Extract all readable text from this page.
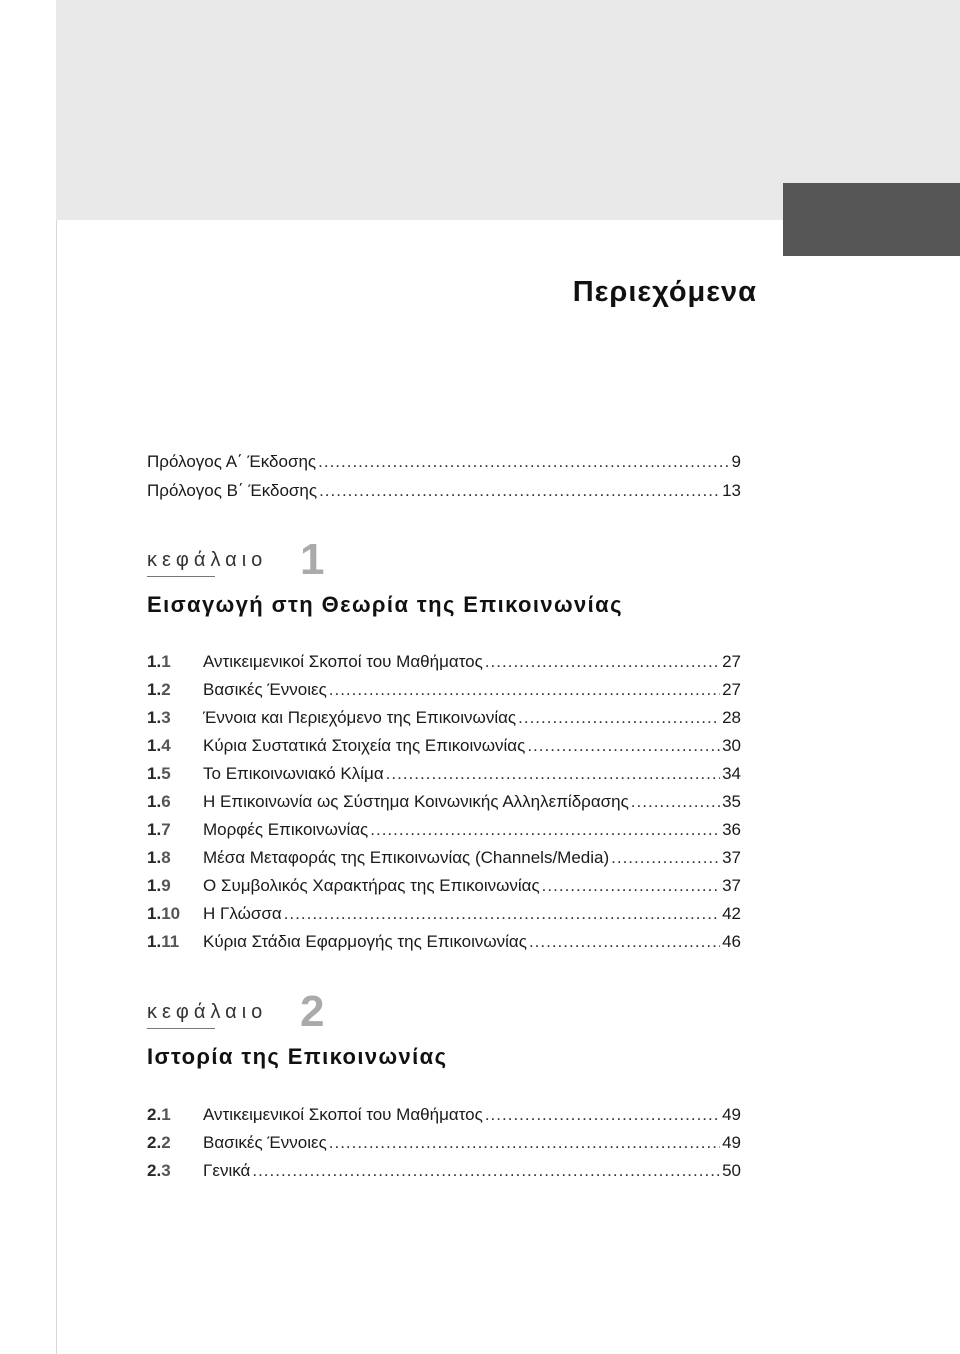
Περιεχόμενα
Πρόλογος Α΄ Έκδοσης .....	9
Πρόλογος Β΄ Έκδοσης .....	13
κεφάλαιο 1
Εισαγωγή στη Θεωρία της Επικοινωνίας
1.1	Αντικειμενικοί Σκοποί του Μαθήματος .....	27
1.2	Βασικές Έννοιες .....	27
1.3	Έννοια και Περιεχόμενο της Επικοινωνίας .....	28
1.4	Κύρια Συστατικά Στοιχεία της Επικοινωνίας .....	30
1.5	Το Επικοινωνιακό Κλίμα .....	34
1.6	Η Επικοινωνία ως Σύστημα Κοινωνικής Αλληλεπίδρασης .....	35
1.7	Μορφές Επικοινωνίας .....	36
1.8	Μέσα Μεταφοράς της Επικοινωνίας (Channels/Media) .....	37
1.9	Ο Συμβολικός Χαρακτήρας της Επικοινωνίας .....	37
1.10	Η Γλώσσα .....	42
1.11	Κύρια Στάδια Εφαρμογής της Επικοινωνίας .....	46
κεφάλαιο 2
Ιστορία της Επικοινωνίας
2.1	Αντικειμενικοί Σκοποί του Μαθήματος .....	49
2.2	Βασικές Έννοιες .....	49
2.3	Γενικά .....	50
